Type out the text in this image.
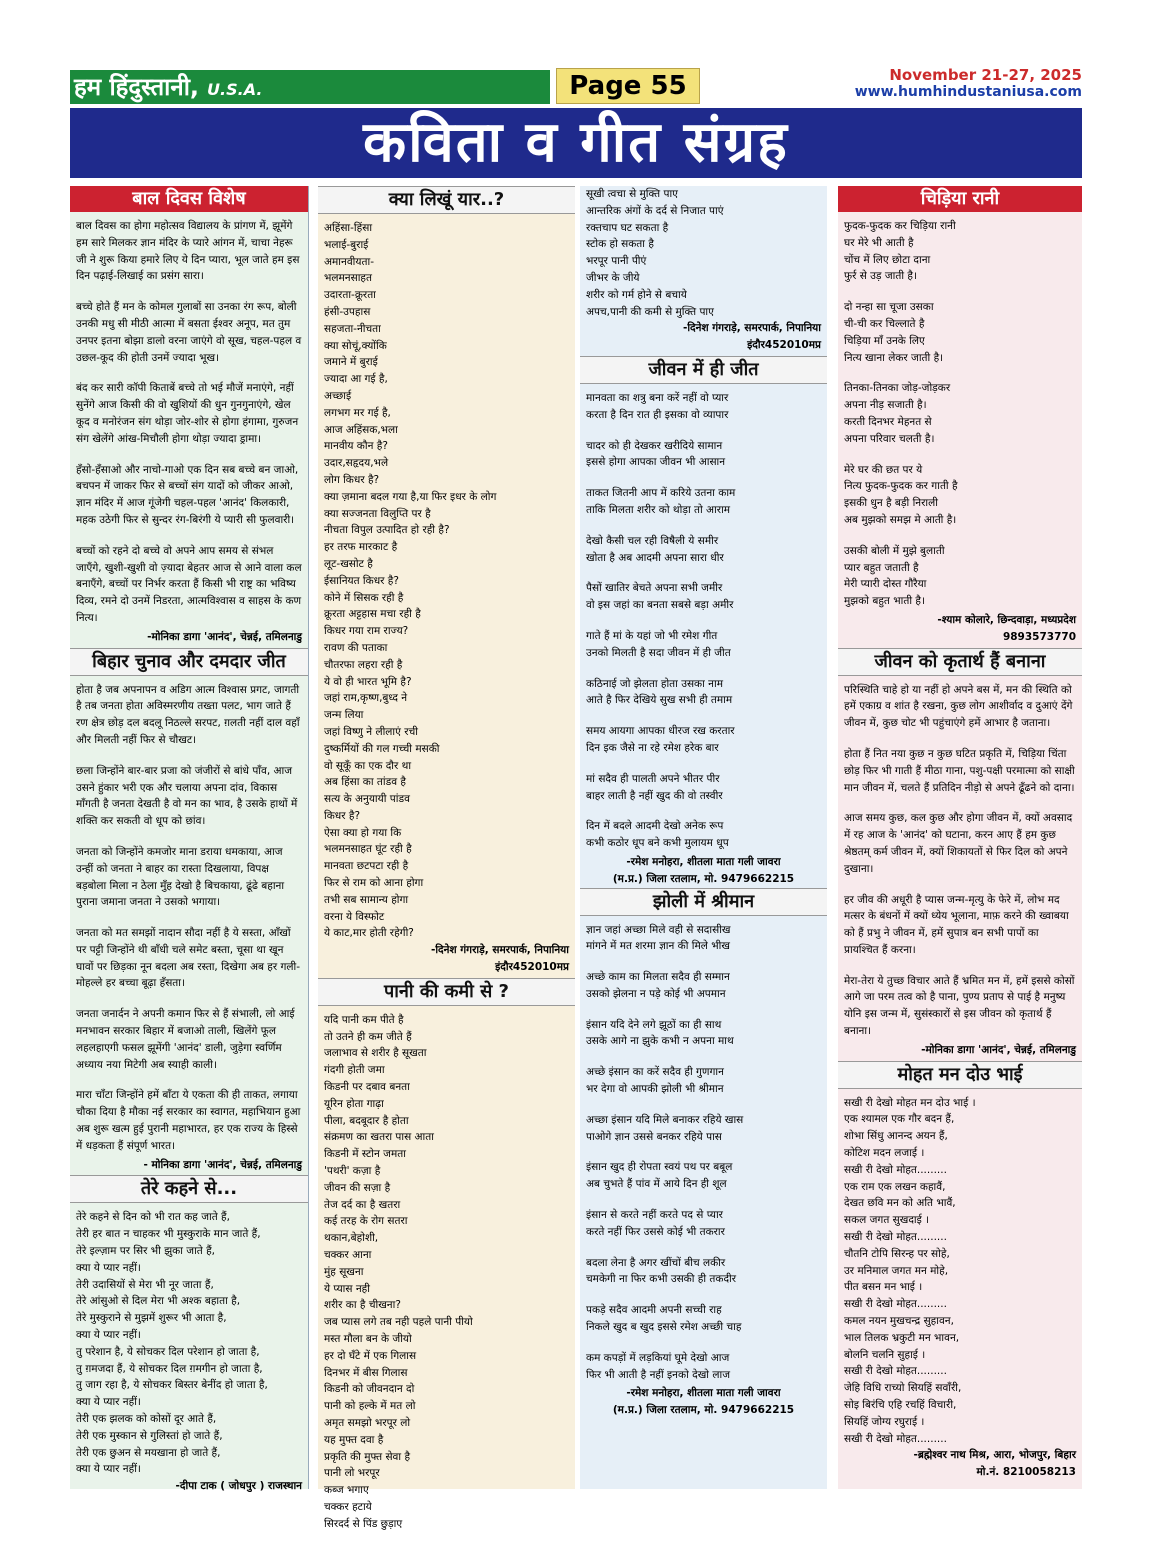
हम हिंदुस्तानी, U.S.A.	Page 55	November 21-27, 2025
www.humhindustaniusa.com
कविता व गीत संग्रह
बाल दिवस विशेष

बाल दिवस का होगा महोत्सव विद्यालय के प्रांगण में, झूमेंगे हम सारे मिलकर ज्ञान मंदिर के प्यारे आंगन में, चाचा नेहरू जी ने शुरू किया हमारे लिए ये दिन प्यारा, भूल जाते हम इस दिन पढ़ाई-लिखाई का प्रसंग सारा।

बच्चे होते हैं मन के कोमल गुलाबों सा उनका रंग रूप, बोली उनकी मधु सी मीठी आत्मा में बसता ईश्वर अनूप, मत तुम उनपर इतना बोझा डालो वरना जाएंगे वो सूख, चहल-पहल व उछल-कूद की होती उनमें ज्यादा भूख।

बंद कर सारी कॉपी किताबें बच्चे तो भई मौजें मनाएंगे, नहीं सुनेंगे आज किसी की वो खुशियों की धुन गुनगुनाएंगे, खेल कूद व मनोरंजन संग थोड़ा जोर-शोर से होगा हंगामा, गुरुजन संग खेलेंगे आंख-मिचौली होगा थोड़ा ज्यादा ड्रामा।

हँसो-हँसाओ और नाचो-गाओ एक दिन सब बच्चे बन जाओ, बचपन में जाकर फिर से बच्चों संग यादों को जीकर आओ, ज्ञान मंदिर में आज गूंजेगी चहल-पहल 'आनंद' किलकारी, महक उठेगी फिर से सुन्दर रंग-बिरंगी ये प्यारी सी फुलवारी।

बच्चों को रहने दो बच्चे वो अपने आप समय से संभल जाएँगे, खुशी-खुशी वो ज़्यादा बेहतर आज से आने वाला कल बनाएँगे, बच्चों पर निर्भर करता हैं किसी भी राष्ट्र का भविष्य दिव्य, रमने दो उनमें निडरता, आत्मविश्वास व साहस के कण नित्य।

-मोनिका डागा 'आनंद', चेन्नई, तमिलनाडु
बिहार चुनाव और दमदार जीत

होता है जब अपनापन व अडिग आत्म विश्वास प्रगट, जागती है तब जनता होता अविस्मरणीय तख्ता पलट, भाग जाते हैं रण क्षेत्र छोड़ दल बदलू निठल्ले सरपट, ग़लती नहीं दाल वहाँ और मिलती नहीं फिर से चौखट।

छला जिन्होंने बार-बार प्रजा को जंजीरों से बांधे पाँव, आज उसने हुंकार भरी एक और चलाया अपना दांव, विकास माँगती है जनता देखती है वो मन का भाव, है उसके हाथों में शक्ति कर सकती वो धूप को छांव।

जनता को जिन्होंने कमजोर माना डराया धमकाया, आज उन्हीं को जनता ने बाहर का रास्ता दिखलाया, विपक्ष बड़बोला मिला न ठेला मुँह देखो है बिचकाया, ढूंढे बहाना पुराना जमाना जनता ने उसको भगाया।

जनता को मत समझों नादान सौदा नहीं है ये सस्ता, आँखों पर पट्टी जिन्होंने थी बाँधी चले समेट बस्ता, चूसा था खून घावों पर छिड़का नून बदला अब रस्ता, दिखेगा अब हर गली-मोहल्ले हर बच्चा बूढ़ा हँसता।

जनता जनार्दन ने अपनी कमान फिर से हैं संभाली, लो आई मनभावन सरकार बिहार में बजाओ ताली, खिलेंगे फूल लहलहाएगी फसल झूमेंगी 'आनंद' डाली, जुड़ेगा स्वर्णिम अध्याय नया मिटेगी अब स्याही काली।

मारा चाँटा जिन्होंने हमें बाँटा ये एकता की ही ताकत, लगाया चौका दिया है मौका नई सरकार का स्वागत, महाभियान हुआ अब शुरू खत्म हुई पुरानी महाभारत, हर एक राज्य के हिस्से में धड़कता हैं संपूर्ण भारत।

- मोनिका डागा 'आनंद', चेन्नई, तमिलनाडु
तेरे कहने से...

तेरे कहने से दिन को भी रात कह जाते हैं,
तेरी हर बात न चाहकर भी मुस्कुराके मान जाते हैं,
तेरे इल्ज़ाम पर सिर भी झुका जाते हैं,
क्या ये प्यार नहीं।
तेरी उदासियों से मेरा भी नूर जाता हैं,
तेरे आंसुओ से दिल मेरा भी अश्क बहाता है,
तेरे मुस्कुराने से मुझमें शुरूर भी आता है,
क्या ये प्यार नहीं।
तु परेशान है, ये सोचकर दिल परेशान हो जाता है,
तु ग़मजदा हैं, ये सोचकर दिल ग़मगीन हो जाता है,
तु जाग रहा है, ये सोचकर बिस्तर बेनींद हो जाता है,
क्या ये प्यार नहीं।
तेरी एक झलक को कोसों दूर आते हैं,
तेरी एक मुस्कान से गुलिस्तां हो जाते हैं,
तेरी एक छुअन से मयखाना हो जाते हैं,
क्या ये प्यार नहीं।

-दीपा टाक ( जोधपुर ) राजस्थान
क्या लिखूं यार..?

अहिंसा-हिंसा
भलाई-बुराई
अमानवीयता-
भलमनसाहत
उदारता-क्रूरता
हंसी-उपहास
सहजता-नीचता
क्या सोचूं,क्योंकि
जमाने में बुराई
ज्यादा आ गई है,
अच्छाई
लगभग मर गई है,
आज अहिंसक,भला
मानवीय कौन है?
उदार,सहृदय,भले
लोग किधर है?
क्या ज़माना बदल गया है,या फिर इधर के लोग
क्या सज्जनता विलुप्ति पर है
नीचता विपुल उत्पादित हो रही है?
हर तरफ मारकाट है
लूट-खसोट है
ईसानियत किधर है?
कोने में सिसक रही है
क्रूरता अट्टहास मचा रही है
किधर गया राम राज्य?
रावण की पताका
चौतरफा लहरा रही है
ये वो ही भारत भूमि है?
जहां राम,कृष्ण,बुध्द ने
जन्म लिया
जहां विष्णु ने लीलाएं रची
दुष्कर्मियों की गल गच्ची मसकी
वो सूकूँ का एक दौर था
अब हिंसा का तांडव है
सत्य के अनुयायी पांडव
किधर है?
ऐसा क्या हो गया कि
भलमनसाहत घूंट रही है
मानवता छटपटा रही है
फिर से राम को आना होगा
तभी सब सामान्य होगा
वरना ये विस्फोट
ये काट,मार होती रहेगी?

-दिनेश गंगराड़े, समरपार्क, निपानिया
इंदौर452010मप्र
पानी की कमी से ?

यदि पानी कम पीते है
तो उतने ही कम जीते हैं
जलाभाव से शरीर है सूखता
गंदगी होती जमा
किडनी पर दबाव बनता
यूरिन होता गाढ़ा
पीला, बदबूदार है होता
संक्रमण का खतरा पास आता
किडनी में स्टोन जमता
'पथरी' कज़ा है
जीवन की सज़ा है
तेज दर्द का है खतरा
कई तरह के रोग सतरा
थकान,बेहोशी,
चक्कर आना
मुंह सूखना
ये प्यास नही
शरीर का है चीखना?
जब प्यास लगे तब नही पहले पानी पीयो
मस्त मौला बन के जीयो
हर दो घँटे में एक गिलास
दिनभर में बीस गिलास
किडनी को जीवनदान दो
पानी को हल्के में मत लो
अमृत समझो भरपूर लो
यह मुफ्त दवा है
प्रकृति की मुफ्त सेवा है
पानी लो भरपूर
कब्ज भगाए
चक्कर हटाये
सिरदर्द से पिंड छुड़ाए

सूखी त्वचा से मुक्ति पाए
आन्तरिक अंगों के दर्द से निजात पाएं
रक्तचाप घट सकता है
स्टोक हो सकता है
भरपूर पानी पीएं
जीभर के जीये
शरीर को गर्म होने से बचाये
अपच,पानी की कमी से मुक्ति पाए

-दिनेश गंगराड़े, समरपार्क, निपानिया
इंदौर452010मप्र
जीवन में ही जीत

मानवता का शत्रु बना करें नहीं वो प्यार
करता है दिन रात ही इसका वो व्यापार

चादर को ही देखकर खरीदिये सामान
इससे होगा आपका जीवन भी आसान

ताकत जितनी आप में करिये उतना काम
ताकि मिलता शरीर को थोड़ा तो आराम

देखो कैसी चल रही विषैली ये समीर
खोता है अब आदमी अपना सारा धीर

पैसों खातिर बेचते अपना सभी जमीर
वो इस जहां का बनता सबसे बड़ा अमीर

गाते हैं मां के यहां जो भी रमेश गीत
उनको मिलती है सदा जीवन में ही जीत

कठिनाई जो झेलता होता उसका नाम
आते है फिर देखिये सुख सभी ही तमाम

समय आयगा आपका धीरज रख करतार
दिन इक जैसे ना रहे रमेश हरेक बार

मां सदैव ही पालती अपने भीतर पीर
बाहर लाती है नहीं खुद की वो तस्वीर

दिन में बदले आदमी देखो अनेक रूप
कभी कठोर धूप बने कभी मुलायम धूप

-रमेश मनोहरा, शीतला माता गली जावरा
(म.प्र.) जिला रतलाम, मो. 9479662215
झोली में श्रीमान

ज्ञान जहां अच्छा मिले वही से सदासीख
मांगने में मत शरमा ज्ञान की मिले भीख

अच्छे काम का मिलता सदैव ही सम्मान
उसको झेलना न पड़े कोई भी अपमान

इंसान यदि देने लगे झूठों का ही साथ
उसके आगे ना झुके कभी न अपना माथ

अच्छे इंसान का करें सदैव ही गुणगान
भर देगा वो आपकी झोली भी श्रीमान

अच्छा इंसान यदि मिले बनाकर रहिये खास
पाओगे ज्ञान उससे बनकर रहिये पास

इंसान खुद ही रोपता स्वयं पथ पर बबूल
अब चुभते हैं पांव में आये दिन ही शूल

इंसान से करते नहीं करते पद से प्यार
करते नहीं फिर उससे कोई भी तकरार

बदला लेना है अगर खींचों बीच लकीर
चमकेगी ना फिर कभी उसकी ही तकदीर

पकड़े सदैव आदमी अपनी सच्ची राह
निकले खुद ब खुद इससे रमेश अच्छी चाह

कम कपड़ों में लड़कियां घूमे देखो आज
फिर भी आती है नहीं इनको देखो लाज

-रमेश मनोहरा, शीतला माता गली जावरा
(म.प्र.) जिला रतलाम, मो. 9479662215
चिड़िया रानी

फुदक-फुदक कर चिड़िया रानी
घर मेरे भी आती है
चोंच में लिए छोटा दाना
फुर्र से उड़ जाती है।

दो नन्हा सा चूजा उसका
ची-ची कर चिल्लाते है
चिड़िया माँ उनके लिए
नित्य खाना लेकर जाती है।

तिनका-तिनका जोड़-जोड़कर
अपना नीड़ सजाती है।
करती दिनभर मेहनत से
अपना परिवार चलती है।

मेरे घर की छत पर ये
नित्य फुदक-फुदक कर गाती है
इसकी धुन है बड़ी निराली
अब मुझको समझ मे आती है।

उसकी बोली में मुझे बुलाती
प्यार बहुत जताती है
मेरी प्यारी दोस्त गौरैया
मुझको बहुत भाती है।

-श्याम कोलारे, छिन्दवाड़ा, मध्यप्रदेश
9893573770
जीवन को कृतार्थ हैं बनाना

परिस्थिति चाहे हो या नहीं हो अपने बस में, मन की स्थिति को हमें एकाग्र व शांत है रखना, कुछ लोग आशीर्वाद व दुआएं देंगे जीवन में, कुछ चोट भी पहुंचाएंगे हमें आभार है जताना।

होता हैं नित नया कुछ न कुछ घटित प्रकृति में, चिड़िया चिंता छोड़ फिर भी गाती हैं मीठा गाना, पशु-पक्षी परमात्मा को साक्षी मान जीवन में, चलते हैं प्रतिदिन नीड़ो से अपने ढूँढने को दाना।

आज समय कुछ, कल कुछ और होगा जीवन में, क्यों अवसाद में रह आज के 'आनंद' को घटाना, करन आए हैं हम कुछ श्रेष्ठतम् कर्म जीवन में, क्यों शिकायतों से फिर दिल को अपने दुखाना।

हर जीव की अधूरी है प्यास जन्म-मृत्यु के फेरे में, लोभ मद मत्सर के बंधनों में क्यों ध्येय भूलाना, माफ़ करने की ख्वाबया को हैं प्रभु ने जीवन में, हमें सुपात्र बन सभी पापों का प्रायश्चित हैं करना।

मेरा-तेरा ये तुच्छ विचार आते हैं भ्रमित मन में, हमें इससे कोसों आगे जा परम तत्व को है पाना, पुण्य प्रताप से पाई है मनुष्य योनि इस जन्म में, सुसंस्कारों से इस जीवन को कृतार्थ हैं बनाना।

-मोनिका डागा 'आनंद', चेन्नई, तमिलनाडु
मोहत मन दोउ भाई

सखी री देखो मोहत मन दोउ भाई ।
एक श्यामल एक गौर बदन हैं,
शोभा सिंधु आनन्द अयन हैं,
कोटिश मदन लजाई ।
सखी री देखो मोहत.........
एक राम एक लखन कहावैं,
देखत छवि मन को अति भावैं,
सकल जगत सुखदाई ।
सखी री देखो मोहत.........
चौतनि टोपि सिरन्ह पर सोहे,
उर मनिमाल जगत मन मोहे,
पीत बसन मन भाई ।
सखी री देखो मोहत.........
कमल नयन मुखचन्द्र सुहावन,
भाल तिलक भ्रकुटी मन भावन,
बोलनि चलनि सुहाई ।
सखी री देखो मोहत.........
जेहि विधि राच्यो सियहिं सवाँरी,
सोइ बिरंचि एहि रचहिं विचारी,
सियहिं जोग्य रघुराई ।
सखी री देखो मोहत.........

-ब्रह्मेश्वर नाथ मिश्र, आरा, भोजपुर, बिहार
मो.नं. 8210058213
